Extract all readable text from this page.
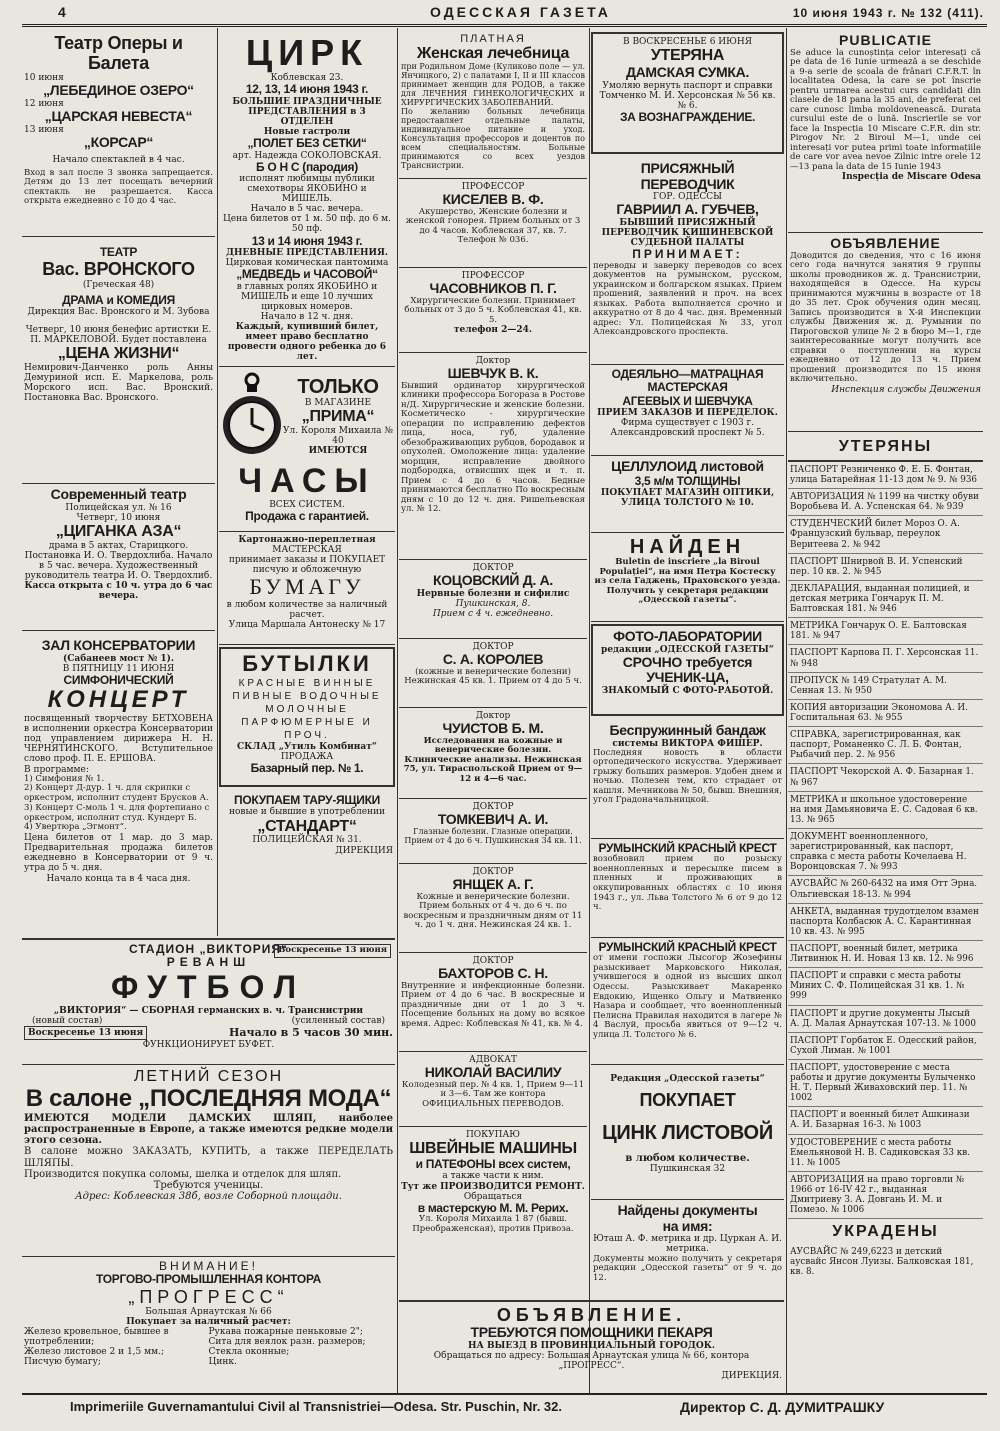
4	ОДЕССКАЯ ГАЗЕТА	10 июня 1943 г. № 132 (411).
Театр Оперы и Балета
10 июня
„ЛЕБЕДИНОЕ ОЗЕРО“
12 июня
„ЦАРСКАЯ НЕВЕСТА“
13 июня
„КОРСАР“
Начало спектаклей в 4 час.
Вход в зал после 3 звонка запрещается. Детям до 13 лет посещать вечерний спектакль не разрешается. Касса открыта ежедневно с 10 до 4 час.
ТЕАТР
Вас. ВРОНСКОГО
(Греческая 48)
ДРАМА и КОМЕДИЯ
Дирекция Вас. Вронского и М. Зубова
Четверг, 10 июня бенефис артистки Е. П. МАРКЕЛОВОЙ. Будет поставлена
„ЦЕНА ЖИЗНИ“
Немирович-Данченко роль Анны Демуриной исп. Е. Маркелова, роль Морского исп. Вас. Вронский. Постановка Вас. Вронского.
Современный театр
Полицейская ул. № 16
Четверг, 10 июня
„ЦИГАНКА АЗА“
драма в 5 актах, Старицкого. Постановка И. О. Твердохлиба. Начало в 5 час. вечера. Художественный руководитель театра И. О. Твердохлиб.
Касса открыта с 10 ч. утра до 6 час вечера.
ЗАЛ КОНСЕРВАТОРИИ
(Сабанеев мост № 1).
В ПЯТНИЦУ 11 ИЮНЯ
СИМФОНИЧЕСКИЙ
КОНЦЕРТ
посвященный творчеству БЕТХОВЕНА в исполнении оркестра Консерватории под управлением дирижера Н. Н. ЧЕРНЯТИНСКОГО. Вступительное слово проф. П. Е. ЕРШОВА.
В программе:
1) Симфония № 1.
2) Концерт Д-дур. 1 ч. для скрипки с оркестром, исполнит студент Брусков А.
3) Концерт С-моль 1 ч. для фортепиано с оркестром, исполнит студ. Кундерт Б.
4) Увертюра „Эгмонт“.
Цена билетов от 1 мар. до 3 мар. Предварительная продажа билетов ежедневно в Консерватории от 9 ч. утра до 5 ч. дня.
Начало конца та в 4 часа дня.
ЦИРК
Коблевская 23.
12, 13, 14 июня 1943 г.
БОЛЬШИЕ ПРАЗДНИЧНЫЕ ПРЕДСТАВЛЕНИЯ в 3 ОТДЕЛЕН
Новые гастроли
„ПОЛЕТ БЕЗ СЕТКИ“
арт. Надежда СОКОЛОВСКАЯ.
Б О Н С (пародия)
исполнят любимцы публики смехотворы ЯКОБИНО и МИШЕЛЬ.
Начало в 5 час. вечера.
Цена билетов от 1 м. 50 пф. до 6 м. 50 пф.
13 и 14 июня 1943 г.
ДНЕВНЫЕ ПРЕДСТАВЛЕНИЯ.
Цирковая комическая пантомима
„МЕДВЕДЬ и ЧАСОВОЙ“
в главных ролях ЯКОБИНО и МИШЕЛЬ и еще 10 лучших цирковых номеров.
Начало в 12 ч. дня.
Каждый, купивший билет, имеет право бесплатно провести одного ребенка до 6 лет.
ТОЛЬКО
В МАГАЗИНЕ
„ПРИМА“
Ул. Короля Михаила № 40
ИМЕЮТСЯ
ЧАСЫ
ВСЕХ СИСТЕМ.
Продажа с гарантией.
Картонажно-переплетная
МАСТЕРСКАЯ
принимает заказы и ПОКУПАЕТ писчую и обложечную
БУМАГУ
в любом количестве за наличный расчет.
Улица Маршала Антонеску № 17
БУТЫЛКИ
КРАСНЫЕ ВИННЫЕ ПИВНЫЕ ВОДОЧНЫЕ МОЛОЧНЫЕ ПАРФЮМЕРНЫЕ И ПРОЧ.
СКЛАД „Утиль Комбинат“
ПРОДАЖА
Базарный пер. № 1.
ПОКУПАЕМ ТАРУ-ЯЩИКИ
новые и бывшие в употреблении
„СТАНДАРТ“
ПОЛИЦЕЙСКАЯ № 31.
ДИРЕКЦИЯ
СТАДИОН „ВИКТОРИЯ“
Воскресенье 13 июня
РЕВАНШ
ФУТБОЛ
„ВИКТОРИЯ“ — СБОРНАЯ германских в. ч. Транснистрии
(новый состав)	(усиленный состав)
Воскресенье 13 июня	Начало в 5 часов 30 мин.
ФУНКЦИОНИРУЕТ БУФЕТ.
ЛЕТНИЙ СЕЗОН
В салоне „ПОСЛЕДНЯЯ МОДА“
ИМЕЮТСЯ МОДЕЛИ ДАМСКИХ ШЛЯП, наиболее распространенные в Европе, а также имеются редкие модели этого сезона.
В салоне можно ЗАКАЗАТЬ, КУПИТЬ, а также ПЕРЕДЕЛАТЬ ШЛЯПЫ.
Производится покупка соломы, шелка и отделок для шляп.
Требуются ученицы.
Адрес: Коблевская 38б, возле Соборной площади.
ВНИМАНИЕ!
ТОРГОВО-ПРОМЫШЛЕННАЯ КОНТОРА
„ПРОГРЕСС“
Большая Арнаутская № 66
Покупает за наличный расчет:
Железо кровельное, бывшее в употреблении;
Железо листовое 2 и 1,5 мм.;
Писчую бумагу;
Рукава пожарные пеньковые 2";
Сита для веялок разн. размеров;
Стекла оконные;
Цинк.
ПЛАТНАЯ
Женская лечебница
при Родильном Доме (Куликово поле — ул. Янчицкого, 2) с палатами I, II и III классов принимает женщин для РОДОВ, а также для ЛЕЧЕНИЯ ГИНЕКОЛОГИЧЕСКИХ и ХИРУРГИЧЕСКИХ ЗАБОЛЕВАНИЙ.
По желанию больных лечебница предоставляет отдельные палаты, индивидуальное питание и уход. Консультация профессоров и доцентов по всем специальностям. Больные принимаются со всех уездов Транснистрии.
ПРОФЕССОР
КИСЕЛЕВ В. Ф.
Акушерство, Женские болезни и женской гонорея. Прием больных от 3 до 4 часов. Коблевская 37, кв. 7. Телефон № 036.
ПРОФЕССОР
ЧАСОВНИКОВ П. Г.
Хирургические болезни. Принимает больных от 3 до 5 ч. Коблевская 41, кв. 5.
телефон 2—24.
Доктор
ШЕВЧУК В. К.
Бывший ординатор хирургической клиники профессора Богораза в Ростове н/Д. Хирургические и женские болезни. Косметическо - хирургические операции по исправлению дефектов лица, носа, губ, удаление обезображивающих рубцов, бородавок и опухолей. Омоложение лица: удаление морщин, исправление двойного подбородка, отвисших щек и т. п. Прием с 4 до 6 часов. Бедные принимаются бесплатно По воскресным дням с 10 до 12 ч. дня. Ришельевская ул. № 12.
ДОКТОР
КОЦОВСКИЙ Д. А.
Нервные болезни и сифилис
Пушкинская, 8.
Прием с 4 ч. ежедневно.
ДОКТОР
С. А. КОРОЛЕВ
(кожные и венерические болезни) Нежинская 45 кв. 1. Прием от 4 до 5 ч.
Доктор
ЧУИСТОВ Б. М.
Исследования на кожные и венерические болезни. Клинические анализы. Нежинская 75, ул. Тираспольской Прием от 9—12 и 4—6 час.
ДОКТОР
ТОМКЕВИЧ А. И.
Глазные болезни. Глазные операции. Прием от 4 до 6 ч. Пушкинская 34 кв. 11.
ДОКТОР
ЯНЩЕК А. Г.
Кожные и венерические болезни. Прием больных от 4 ч. до 6 ч. по воскресным и праздничным дням от 11 ч. до 1 ч. дня. Нежинская 24 кв. 1.
ДОКТОР
БАХТОРОВ С. Н.
Внутренние и инфекционные болезни. Прием от 4 до 6 час. В воскресные и праздничные дни от 1 до 3 ч. Посещение больных на дому во всякое время. Адрес: Коблевская № 41, кв. № 4.
АДВОКАТ
НИКОЛАЙ ВАСИЛИУ
Колодезный пер. № 4 кв. 1, Прием 9—11 и 3—6. Там же контора ОФИЦИАЛЬНЫХ ПЕРЕВОДОВ.
ПОКУПАЮ
ШВЕЙНЫЕ МАШИНЫ
и ПАТЕФОНЫ всех систем,
а также части к ним.
Тут же ПРОИЗВОДИТСЯ РЕМОНТ.
Обращаться
в мастерскую М. М. Рерих.
Ул. Короля Михаила 1 87 (бывш. Преображенская), против Привоза.
ОБЪЯВЛЕНИЕ.
ТРЕБУЮТСЯ ПОМОЩНИКИ ПЕКАРЯ
НА ВЫЕЗД В ПРОВИНЦИАЛЬНЫЙ ГОРОДОК.
Обращаться по адресу: Большая Арнаутская улица № 66, контора „ПРОГРЕСС“.
ДИРЕКЦИЯ.
В ВОСКРЕСЕНЬЕ 6 ИЮНЯ
УТЕРЯНА
ДАМСКАЯ СУМКА.
Умоляю вернуть паспорт и справки Томченко М. И. Херсонская № 56 кв. № 6.
ЗА ВОЗНАГРАЖДЕНИЕ.
ПРИСЯЖНЫЙ ПЕРЕВОДЧИК
ГОР. ОДЕССЫ
ГАВРИИЛ А. ГУБЧЕВ,
БЫВШИЙ ПРИСЯЖНЫЙ ПЕРЕВОДЧИК КИШИНЕВСКОЙ СУДЕБНОЙ ПАЛАТЫ
ПРИНИМАЕТ:
переводы и заверку переводов со всех документов на румынском, русском, украинском и болгарском языках. Прием прошений, заявлений и проч. на всех языках. Работа выполняется срочно и аккуратно от 8 до 4 час. дня. Временный адрес: Ул. Полицейская № 33, угол Александровского проспекта.
ОДЕЯЛЬНО—МАТРАЦНАЯ
МАСТЕРСКАЯ
АГЕЕВЫХ И ШЕВЧУКА
ПРИЕМ ЗАКАЗОВ И ПЕРЕДЕЛОК.
Фирма существует с 1903 г.
Александровский проспект № 5.
ЦЕЛЛУЛОИД листовой
3,5 м/м ТОЛЩИНЫ
ПОКУПАЕТ МАГАЗИН ОПТИКИ,
УЛИЦА ТОЛСТОГО № 10.
НАЙДЕН
Buletin de inscriere „la Biroul Populației“, на имя Петра Костеску из села Гаджень, Праховского уезда. Получить у секретаря редакции „Одесской газеты“.
ФОТО-ЛАБОРАТОРИИ
редакции „ОДЕССКОЙ ГАЗЕТЫ“
СРОЧНО требуется
УЧЕНИК-ЦА,
ЗНАКОМЫЙ С ФОТО-РАБОТОЙ.
Беспружинный бандаж
системы ВИКТОРА ФИШЕР.
Последняя новость в области ортопедического искусства. Удерживает грыжу больших размеров. Удобен днем и ночью. Полезен тем, кто страдает от кашля. Мечникова № 50, бывш. Внешняя, угол Градоначальницкой.
РУМЫНСКИЙ КРАСНЫЙ КРЕСТ
возобновил прием по розыску военнопленных и пересылке писем в пленных и проживающих в оккупированных областях с 10 июня 1943 г., ул. Льва Толстого № 6 от 9 до 12 ч.
РУМЫНСКИЙ КРАСНЫЙ КРЕСТ
от имени госпожи Лысогор Жозефины разыскивает Марковского Николая, учившегося в одной из высших школ Одессы. Разыскивает Макаренко Евдокию, Ищенко Ольгу и Матвиенко Назара и сообщает, что военнопленный Пелисна Правилая находится в лагере № 4 Васлуй, просьба явиться от 9—12 ч. улица Л. Толстого № 6.
Редакция „Одесской газеты“
ПОКУПАЕТ
ЦИНК ЛИСТОВОЙ
в любом количестве.
Пушкинская 32
Найдены документы
на имя:
Юташ А. Ф. метрика и др. Цуркан А. И. метрика.
Документы можно получить у секретаря редакции „Одесской газеты“ от 9 ч. до 12.
PUBLICATIE
Se aduce la cunoștința celor interesați că pe data de 16 Iunie urmează a se deschide a 9-a serie de școala de frânari C.F.R.T. în localitatea Odesa, la care se pot înscrie pentru urmarea acestui curs candidați din clasele de 18 pana la 35 ani, de preferat cei care cunosc limba moldovenească. Durata cursului este de o lună. Inscrierile se vor face la Inspecția 10 Miscare C.F.R. din str. Pirogov Nr. 2 Biroul M—1, unde cei interesați vor putea primi toate informațiile de care vor avea nevoe Zilnic intre orele 12—13 pana la data de 15 Iunie 1943
Inspecția de Miscare Odesa
ОБЪЯВЛЕНИЕ
Доводится до сведения, что с 16 июня сего года начнутся занятия 9 группы школы проводников ж. д. Транснистрии, находящейся в Одессе. На курсы принимаются мужчины в возрасте от 18 до 35 лет. Срок обучения один месяц. Запись производится в Х-й Инспекции службы Движения ж. д. Румынии по Пироговской улице № 2 в бюро М—1, где заинтересованные могут получить все справки о поступлении на курсы ежедневно от 12 до 13 ч. Прием прошений производится по 15 июня включительно.
Инспекция службы Движения
УТЕРЯНЫ

ПАСПОРТ Резниченко Ф. Е. Б. Фонтан, улица Батарейная 11-13 дом № 9. № 936

АВТОРИЗАЦИЯ № 1199 на чистку обуви Воробьева И. А. Успенская 64. № 939

СТУДЕНЧЕСКИЙ билет Мороз О. А. Французский бульвар, переулок Веритеева 2. № 942

ПАСПОРТ Шнирвой В. И. Успенский пер. 10 кв. 2. № 945

ДЕКЛАРАЦИЯ, выданная полицией, и детская метрика Гончарук П. М. Балтовская 181. № 946

МЕТРИКА Гончарук О. Е. Балтовская 181. № 947

ПАСПОРТ Карпова П. Г. Херсонская 11. № 948

ПРОПУСК № 149 Стратулат А. М. Сенная 13. № 950

КОПИЯ авторизации Экономова А. И. Госпитальная 63. № 955

СПРАВКА, зарегистрированная, как паспорт, Романенко С. Л. Б. Фонтан, Рыбачий пер. 2. № 956

ПАСПОРТ Чекорской А. Ф. Базарная 1. № 967

МЕТРИКА и школьное удостоверение на имя Дамьяновича Е. С. Садовая 6 кв. 13. № 965

ДОКУМЕНТ военнопленного, зарегистрированный, как паспорт, справка с места работы Кочелаева Н. Воронцовская 7. № 993

АУСВАЙС № 260-6432 на имя Отт Эрна. Ольгиевская 18-13. № 994

АНКЕТА, выданная трудотделом взамен паспорта Колбасюк А. С. Карантинная 10 кв. 43. № 995

ПАСПОРТ, военный билет, метрика Литвинюк Н. И. Новая 13 кв. 12. № 996

ПАСПОРТ и справки с места работы Миних С. Ф. Полицейская 31 кв. 1. № 999

ПАСПОРТ и другие документы Лысый А. Д. Малая Арнаутская 107-13. № 1000

ПАСПОРТ Горбаток Е. Одесский район, Сухой Лиман. № 1001

ПАСПОРТ, удостоверение с места работы и другие документы Булыченко Н. Т. Первый Живаховский пер. 11. № 1002

ПАСПОРТ и военный билет Ашкинази А. И. Базарная 16-3. № 1003

УДОСТОВЕРЕНИЕ с места работы Емельяновой Н. В. Садиковская 33 кв. 11. № 1005

АВТОРИЗАЦИЯ на право торговли № 1966 от 16-IV 42 г., выданная Дмитриеву З. А. Довгань И. М. и Помезо. № 1006

УКРАДЕНЫ

АУСВАЙС № 249,6223 и детский аусвайс Янсон Луизы. Балковская 181, кв. 8.

Imprimeriile Guvernamantului Civil al Transnistriei—Odesa. Str. Puschin, Nr. 32.	Директор С. Д. ДУМИТРАШКУ
